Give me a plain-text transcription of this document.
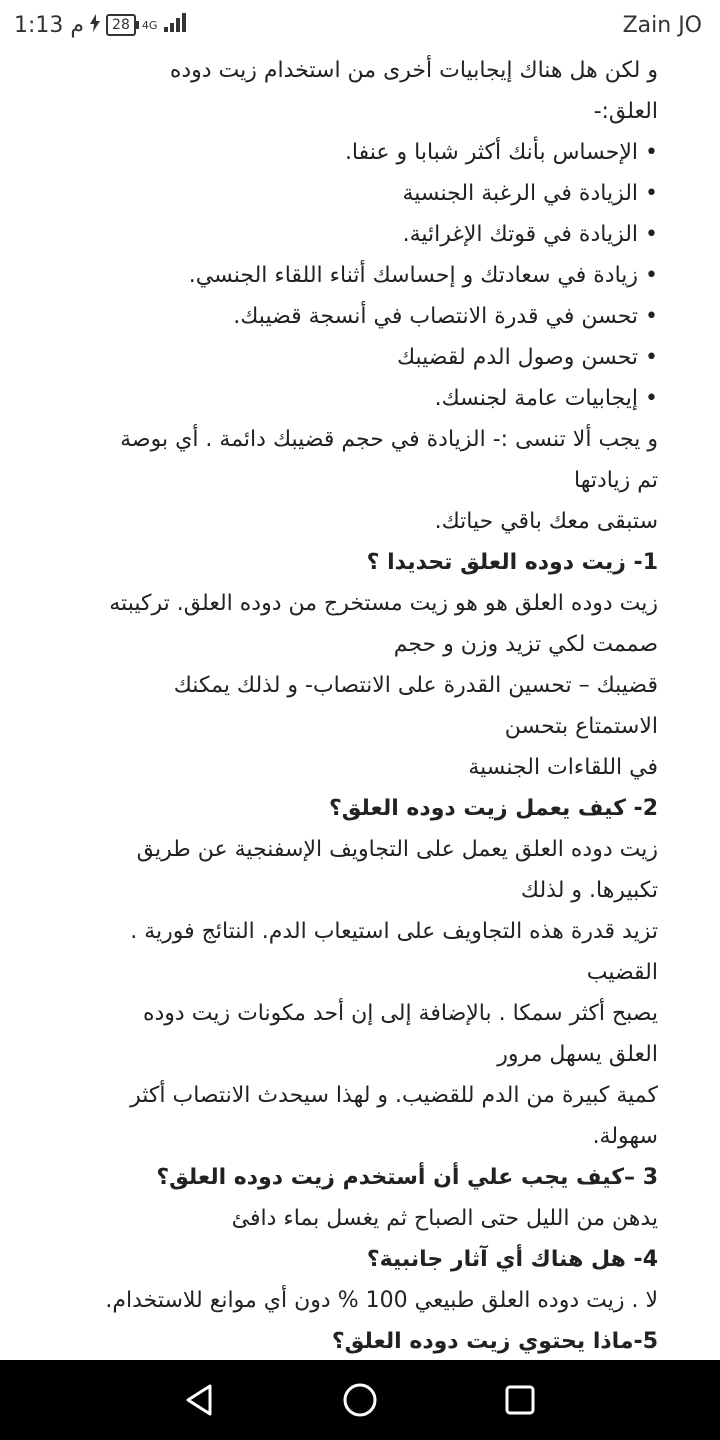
1:13 م 28 4G	Zain JO
و لكن هل هناك إيجابيات أخرى من استخدام زيت دوده
العلق:-
• الإحساس بأنك أكثر شبابا و عنفا.
• الزيادة في الرغبة الجنسية
• الزيادة في قوتك الإغرائية.
• زيادة في سعادتك و إحساسك أثناء اللقاء الجنسي.
• تحسن في قدرة الانتصاب في أنسجة قضيبك.
• تحسن وصول الدم لقضيبك
• إيجابيات عامة لجنسك.
و يجب ألا تنسى :- الزيادة في حجم قضيبك دائمة . أي بوصة
تم زيادتها
ستبقى معك باقي حياتك.
1- زيت دوده العلق تحديدا ؟
زيت دوده العلق هو هو زيت مستخرج من دوده العلق. تركيبته
صممت لكي تزيد وزن و حجم
قضيبك – تحسين القدرة على الانتصاب- و لذلك يمكنك
الاستمتاع بتحسن
في اللقاءات الجنسية
2- كيف يعمل زيت دوده العلق؟
زيت دوده العلق يعمل على التجاويف الإسفنجية عن طريق
تكبيرها. و لذلك
تزيد قدرة هذه التجاويف على استيعاب الدم. النتائج فورية .
القضيب
يصبح أكثر سمكا . بالإضافة إلى إن أحد مكونات زيت دوده
العلق يسهل مرور
كمية كبيرة من الدم للقضيب. و لهذا سيحدث الانتصاب أكثر
سهولة.
3 –كيف يجب علي أن أستخدم زيت دوده العلق؟
يدهن من الليل حتى الصباح ثم يغسل بماء دافئ
4- هل هناك أي آثار جانبية؟
لا . زيت دوده العلق طبيعي 100 % دون أي موانع للاستخدام.
5-ماذا يحتوي زيت دوده العلق؟
